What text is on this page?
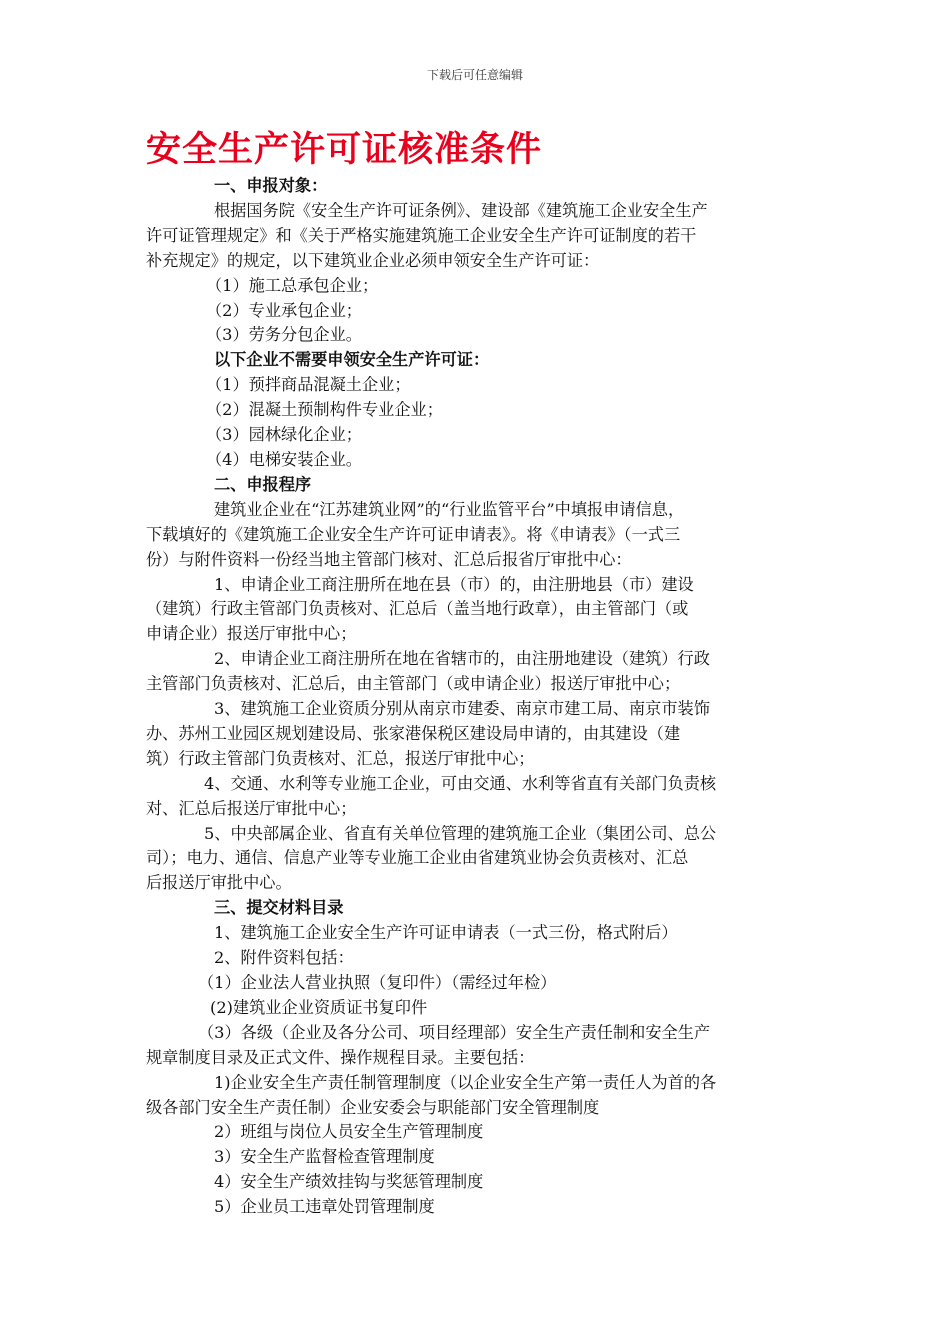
下载后可任意编辑
安全生产许可证核准条件

一、申报对象：

根据国务院《安全生产许可证条例》、建设部《建筑施工企业安全生产

许可证管理规定》和《关于严格实施建筑施工企业安全生产许可证制度的若干

补充规定》的规定，以下建筑业企业必须申领安全生产许可证：

（1）施工总承包企业；

（2）专业承包企业；

（3）劳务分包企业。

以下企业不需要申领安全生产许可证：

（1）预拌商品混凝土企业；

（2）混凝土预制构件专业企业；

（3）园林绿化企业；

（4）电梯安装企业。

二、申报程序

建筑业企业在“江苏建筑业网”的“行业监管平台”中填报申请信息，

下载填好的《建筑施工企业安全生产许可证申请表》。将《申请表》（一式三

份）与附件资料一份经当地主管部门核对、汇总后报省厅审批中心：

1、申请企业工商注册所在地在县（市）的，由注册地县（市）建设

（建筑）行政主管部门负责核对、汇总后（盖当地行政章），由主管部门（或

申请企业）报送厅审批中心；

2、申请企业工商注册所在地在省辖市的，由注册地建设（建筑）行政

主管部门负责核对、汇总后，由主管部门（或申请企业）报送厅审批中心；

3、建筑施工企业资质分别从南京市建委、南京市建工局、南京市装饰

办、苏州工业园区规划建设局、张家港保税区建设局申请的，由其建设（建

筑）行政主管部门负责核对、汇总，报送厅审批中心；

4、交通、水利等专业施工企业，可由交通、水利等省直有关部门负责核

对、汇总后报送厅审批中心；

5、中央部属企业、省直有关单位管理的建筑施工企业（集团公司、总公

司）；电力、通信、信息产业等专业施工企业由省建筑业协会负责核对、汇总

后报送厅审批中心。

三、提交材料目录

1、建筑施工企业安全生产许可证申请表（一式三份，格式附后）

2、附件资料包括：

（1）企业法人营业执照（复印件）（需经过年检）

(2)建筑业企业资质证书复印件

（3）各级（企业及各分公司、项目经理部）安全生产责任制和安全生产

规章制度目录及正式文件、操作规程目录。主要包括：

1)企业安全生产责任制管理制度（以企业安全生产第一责任人为首的各

级各部门安全生产责任制）企业安委会与职能部门安全管理制度

2）班组与岗位人员安全生产管理制度

3）安全生产监督检查管理制度

4）安全生产绩效挂钩与奖惩管理制度

5）企业员工违章处罚管理制度
